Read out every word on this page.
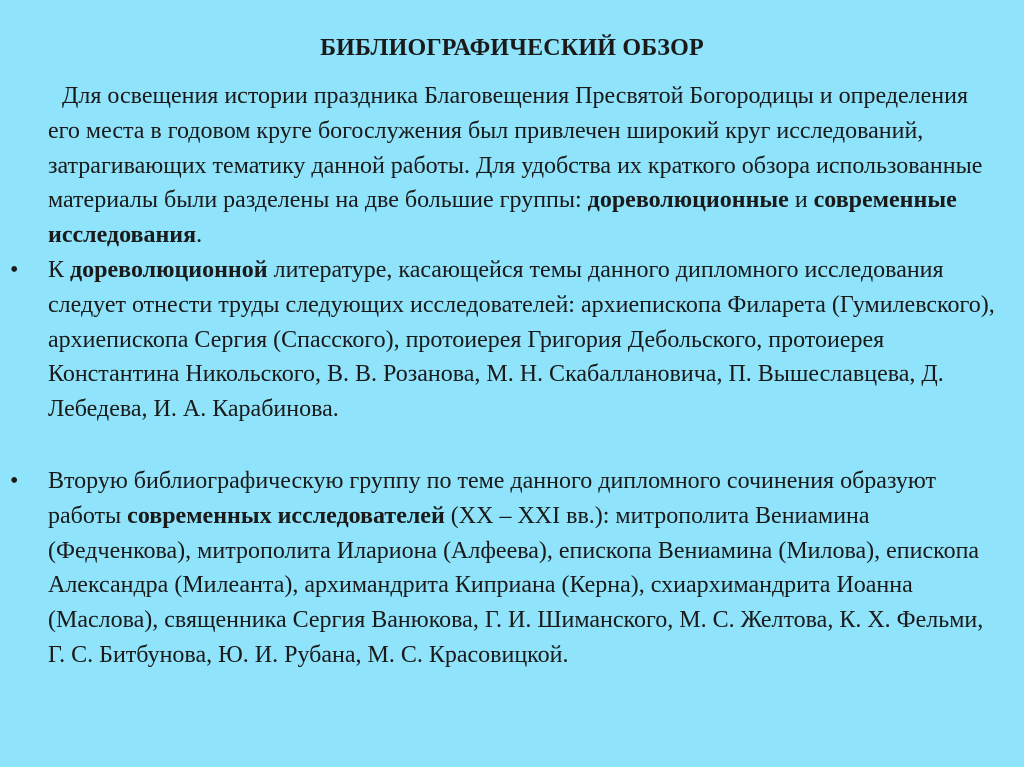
БИБЛИОГРАФИЧЕСКИЙ ОБЗОР
Для освещения истории праздника Благовещения Пресвятой Богородицы и определения его места в годовом круге богослужения был привлечен широкий круг исследований, затрагивающих тематику данной работы. Для удобства их краткого обзора использованные материалы были разделены на две большие группы: дореволюционные и современные исследования.
• К дореволюционной литературе, касающейся темы данного дипломного исследования следует отнести труды следующих исследователей: архиепископа Филарета (Гумилевского), архиепископа Сергия (Спасского), протоиерея Григория Дебольского, протоиерея Константина Никольского, В. В. Розанова, М. Н. Скабаллановича, П. Вышеславцева, Д. Лебедева, И. А. Карабинова.
• Вторую библиографическую группу по теме данного дипломного сочинения образуют работы современных исследователей (XX – XXI вв.): митрополита Вениамина (Федченкова), митрополита Илариона (Алфеева), епископа Вениамина (Милова), епископа Александра (Милеанта), архимандрита Киприана (Керна), схиархимандрита Иоанна (Маслова), священника Сергия Ванюкова, Г. И. Шиманского, М. С. Желтова, К. Х. Фельми, Г. С. Битбунова, Ю. И. Рубана, М. С. Красовицкой.
